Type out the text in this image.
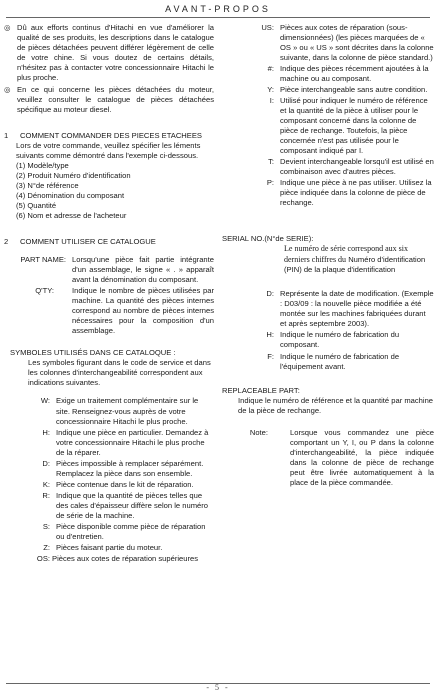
AVANT-PROPOS
◎ Dû aux efforts continus d'Hitachi en vue d'améliorer la qualité de ses produits, les descriptions dans le catalogue de pièces détachées peuvent différer légèrement de celle de votre chine. Si vous doutez de certains détails, n'hésitez pas à contacter votre concessionnaire Hitachi le plus proche.
◎ En ce qui concerne les pièces détachées du moteur, veuillez consulter le catalogue de pièces détachées spécifique au moteur diesel.
1	COMMENT COMMANDER DES PIECES ETACHEES
Lors de votre commande, veuillez spécifier les léments suivants comme démontré dans l'exemple ci-dessous.
(1) Modèle/type
(2) Produit Numéro d'identification
(3) N°de référence
(4) Dénomination du composant
(5) Quantité
(6) Nom et adresse de l'acheteur
2	COMMENT UTILISER CE CATALOGUE
PART NAME: Lorsqu'une pièce fait partie intégrante d'un assemblage, le signe « . » apparaît avant la dénomination du composant.
Q'TY:	Indique le nombre de pièces utilisées par machine. La quantité des pièces internes correspond au nombre de pièces internes nécessaires pour la composition d'un assemblage.
SYMBOLES UTILISÉS DANS CE CATALOQUE :
Les symboles figurant dans le code de service et dans les colonnes d'interchangeabilité correspondent aux indications suivantes.
W: Exige un traitement complémentaire sur le site. Renseignez-vous auprès de votre concessionnaire Hitachi le plus proche.
H: Indique une pièce en particulier. Demandez à votre concessionnaire Hitachi le plus proche de la réparer.
D: Pièces impossible à remplacer séparément. Remplacez la pièce dans son ensemble.
K: Pièce contenue dans le kit de réparation.
R: Indique que la quantité de pièces telles que des cales d'épaisseur diffère selon le numéro de série de la machine.
S: Pièce disponible comme pièce de réparation ou d'entretien.
Z: Pièces faisant partie du moteur.
OS: Pièces aux cotes de réparation supérieures
US: Pièces aux cotes de réparation (sous-dimensionnées) (les pièces marquées de « OS » ou « US » sont décrites dans la colonne suivante, dans la colonne de pièce standard.)
#: Indique des pièces récemment ajoutées à la machine ou au composant.
Y: Pièce interchangeable sans autre condition.
I: Utilisé pour indiquer le numéro de référence et la quantité de la pièce à utiliser pour le composant concerné dans la colonne de pièce de rechange. Toutefois, la pièce concernée n'est pas utilisée pour le composant indiqué par I.
T: Devient interchangeable lorsqu'il est utilisé en combinaison avec d'autres pièces.
P: Indique une pièce à ne pas utiliser. Utilisez la pièce indiquée dans la colonne de pièce de rechange.
SERIAL NO.(N°de SERIE):
Le numéro de série correspond aux six derniers chiffres du Numéro d'identification (PIN) de la plaque d'identification
D: Représente la date de modification. (Exemple : D03/09 : la nouvelle pièce modifiée a été montée sur les machines fabriquées durant et après septembre 2003).
H: Indique le numéro de fabrication du composant.
F: Indique le numéro de fabrication de l'équipement avant.
REPLACEABLE PART:
Indique le numéro de référence et la quantité par machine de la pièce de rechange.
Note:	Lorsque vous commandez une pièce comportant un Y, I, ou P dans la colonne d'interchangeabilité, la pièce indiquée dans la colonne de pièce de rechange peut être livrée automatiquement à la place de la pièce commandée.
- 5 -
